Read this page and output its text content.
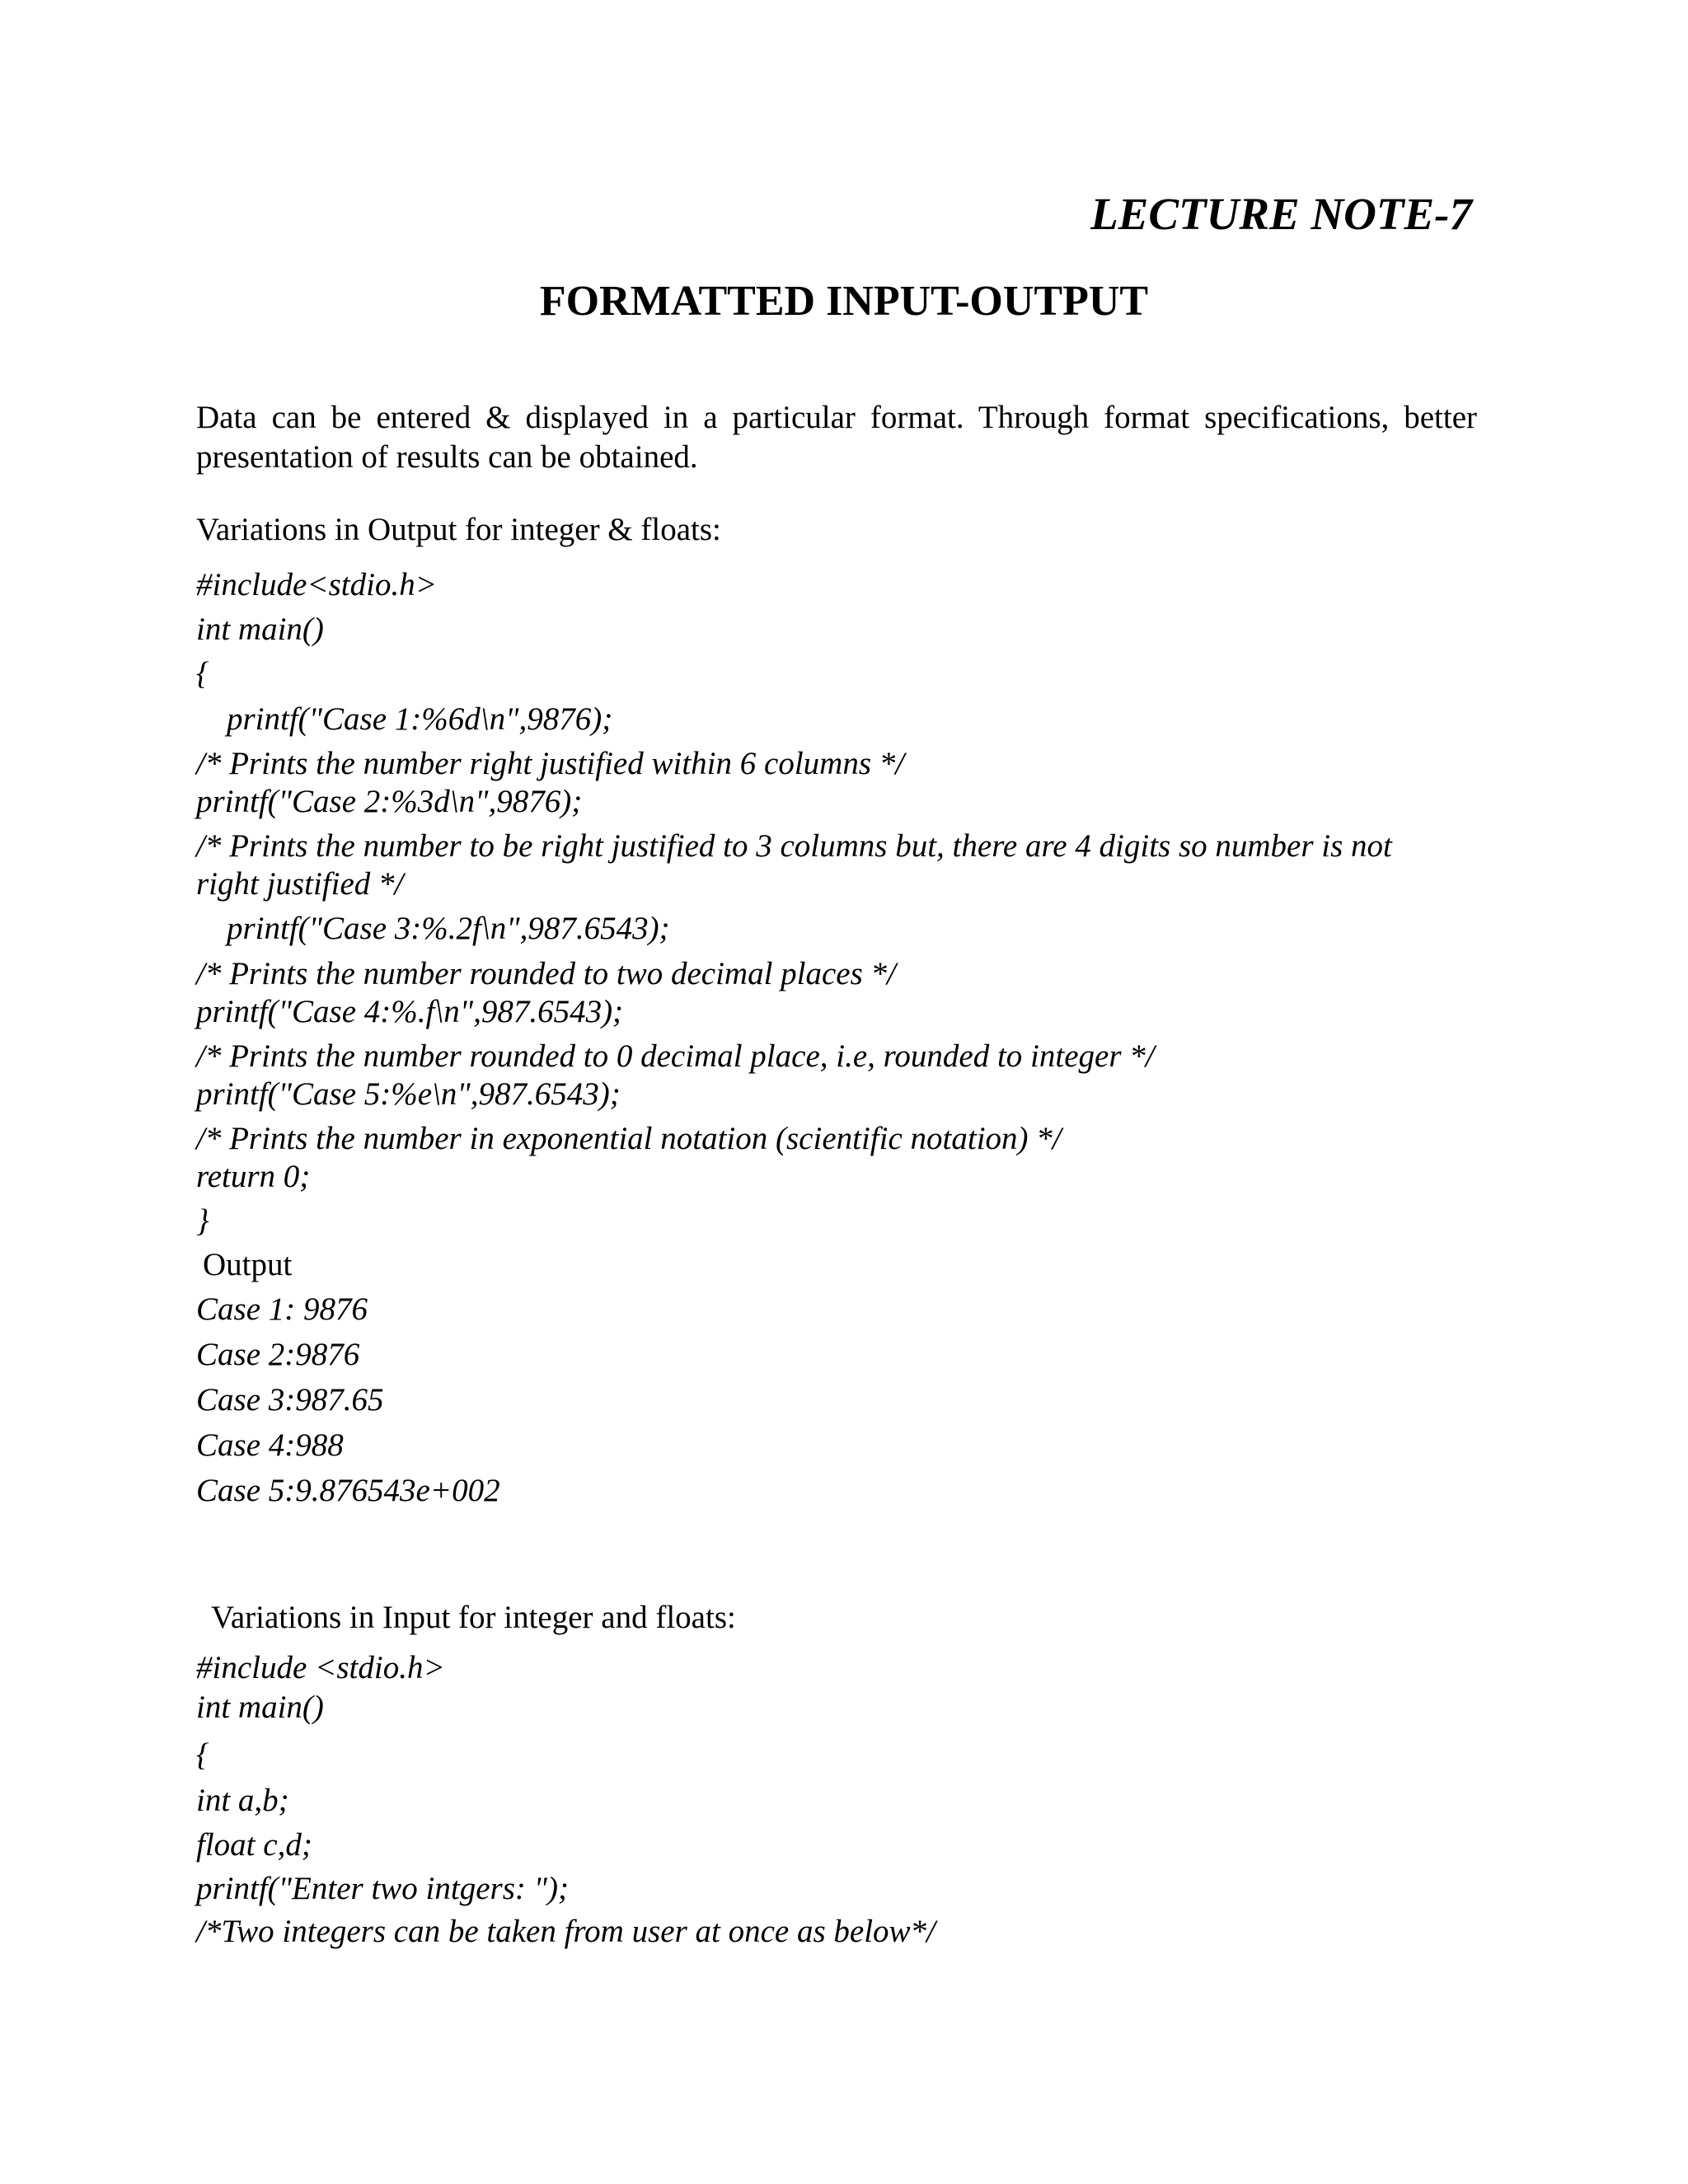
LECTURE NOTE-7
FORMATTED INPUT-OUTPUT
Data can be entered & displayed in a particular format. Through format specifications, better presentation of results can be obtained.
Variations in Output for integer & floats:
#include<stdio.h>
int main()
{
printf("Case 1:%6d\n",9876);
/* Prints the number right justified within 6 columns */
printf("Case 2:%3d\n",9876);
/* Prints the number to be right justified to 3 columns but, there are 4 digits so number is not
right justified */
printf("Case 3:%.2f\n",987.6543);
/* Prints the number rounded to two decimal places */
printf("Case 4:%.f\n",987.6543);
/* Prints the number rounded to 0 decimal place, i.e, rounded to integer */
printf("Case 5:%e\n",987.6543);
/* Prints the number in exponential notation (scientific notation) */
return 0;
}
Output
Case 1: 9876
Case 2:9876
Case 3:987.65
Case 4:988
Case 5:9.876543e+002
Variations in Input for integer and floats:
#include <stdio.h>
int main()
{
int a,b;
float c,d;
printf("Enter two intgers: ");
/*Two integers can be taken from user at once as below*/
